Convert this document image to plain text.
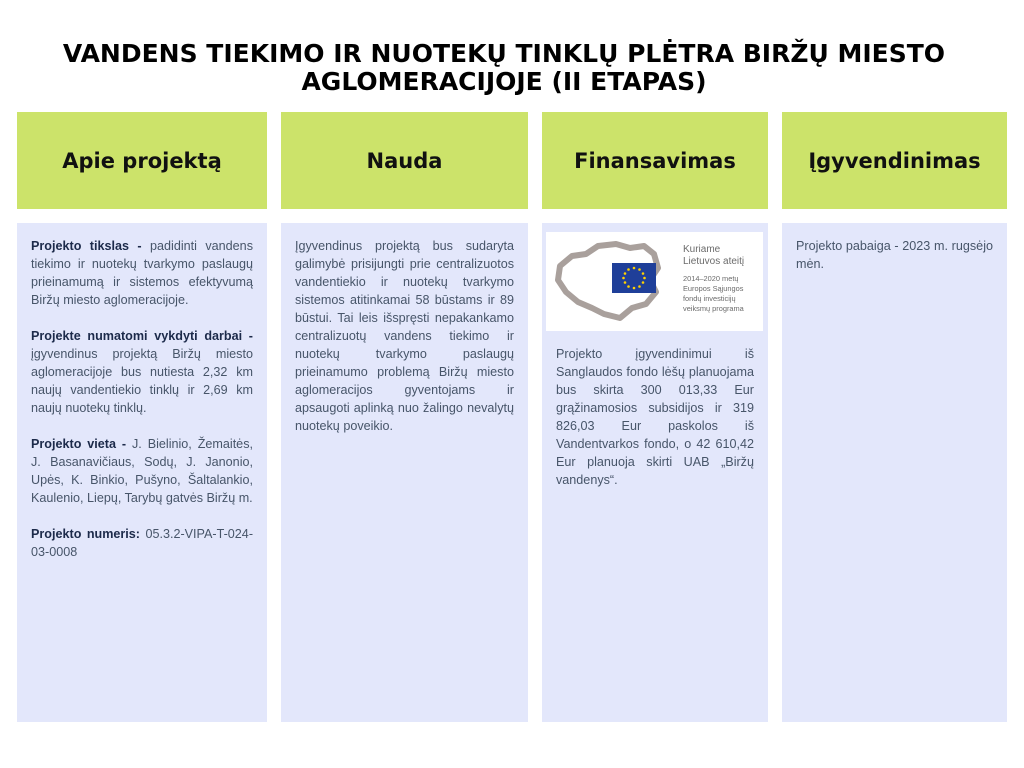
VANDENS TIEKIMO IR NUOTEKŲ TINKLŲ PLĖTRA BIRŽŲ MIESTO
AGLOMERACIJOJE (II ETAPAS)
Apie projektą	Nauda	Finansavimas	Įgyvendinimas

Projekto tikslas - padidinti vandens tiekimo ir nuotekų tvarkymo paslaugų prieinamumą ir sistemos efektyvumą Biržų miesto aglomeracijoje.

Projekte numatomi vykdyti darbai - įgyvendinus projektą Biržų miesto aglomeracijoje bus nutiesta 2,32 km naujų vandentiekio tinklų ir 2,69 km naujų nuotekų tinklų.

Projekto vieta - J. Bielinio, Žemaitės, J. Basanavičiaus, Sodų, J. Janonio, Upės, K. Binkio, Pušyno, Šaltalankio, Kaulenio, Liepų, Tarybų gatvės Biržų m.

Projekto numeris: 05.3.2-VIPA-T-024-03-0008

Įgyvendinus projektą bus sudaryta galimybė prisijungti prie centralizuotos vandentiekio ir nuotekų tvarkymo sistemos atitinkamai 58 būstams ir 89 būstui. Tai leis išspręsti nepakankamo centralizuotų vandens tiekimo ir nuotekų tvarkymo paslaugų prieinamumo problemą Biržų miesto aglomeracijos gyventojams ir apsaugoti aplinką nuo žalingo nevalytų nuotekų poveikio.

Kuriame
Lietuvos ateitį
2014–2020 metų
Europos Sąjungos
fondų investicijų
veiksmų programa

Projekto įgyvendinimui iš Sanglaudos fondo lėšų planuojama bus skirta 300 013,33 Eur grąžinamosios subsidijos ir 319 826,03 Eur paskolos iš Vandentvarkos fondo, o 42 610,42 Eur planuoja skirti UAB „Biržų vandenys“.

Projekto pabaiga - 2023 m. rugsėjo mėn.
